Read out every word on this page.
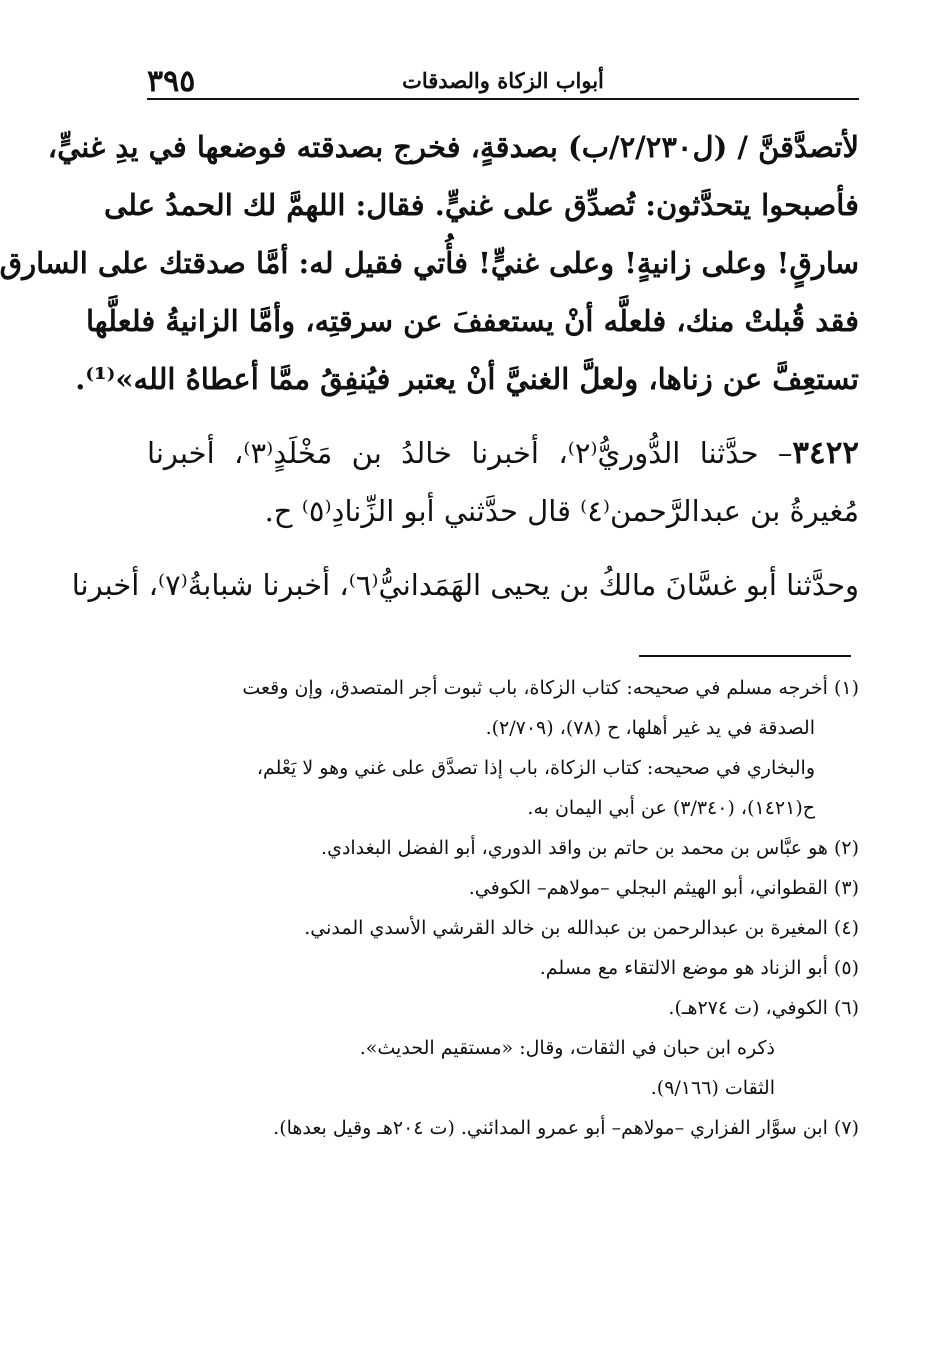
٣٩٥	أبواب الزكاة والصدقات
لأتصدَّقنَّ / (ل٢/٢٣٠/ب) بصدقةٍ، فخرج بصدقته فوضعها في يدِ غنيٍّ،
فأصبحوا يتحدَّثون: تُصدِّق على غنيٍّ. فقال: اللهمَّ لك الحمدُ على
سارقٍ! وعلى زانيةٍ! وعلى غنيٍّ! فأُتي فقيل له: أمَّا صدقتك على السارق
فقد قُبلتْ منك، فلعلَّه أنْ يستعففَ عن سرقتِه، وأمَّا الزانيةُ فلعلَّها
تستعِفَّ عن زناها، ولعلَّ الغنيَّ أنْ يعتبر فيُنفِقُ ممَّا أعطاهُ الله»⁽¹⁾.
٣٤٢٢– حدَّثنا الدُّوريُّ⁽٢⁾، أخبرنا خالدُ بن مَخْلَدٍ⁽٣⁾، أخبرنا
مُغيرةُ بن عبدالرَّحمن⁽٤⁾ قال حدَّثني أبو الزِّنادِ⁽٥⁾ ح.
وحدَّثنا أبو غسَّانَ مالكُ بن يحيى الهَمَدانيُّ⁽٦⁾، أخبرنا شبابةُ⁽٧⁾، أخبرنا
(١) أخرجه مسلم في صحيحه: كتاب الزكاة، باب ثبوت أجر المتصدق، وإن وقعت
الصدقة في يد غير أهلها، ح (٧٨)، (٢/٧٠٩).
والبخاري في صحيحه: كتاب الزكاة، باب إذا تصدَّق على غني وهو لا يَعْلم،
ح(١٤٢١)، (٣/٣٤٠) عن أبي اليمان به.
(٢) هو عبَّاس بن محمد بن حاتم بن واقد الدوري، أبو الفضل البغدادي.
(٣) القطواني، أبو الهيثم البجلي –مولاهم– الكوفي.
(٤) المغيرة بن عبدالرحمن بن عبدالله بن خالد القرشي الأسدي المدني.
(٥) أبو الزناد هو موضع الالتقاء مع مسلم.
(٦) الكوفي، (ت ٢٧٤هـ).
ذكره ابن حبان في الثقات، وقال: «مستقيم الحديث».
الثقات (٩/١٦٦).
(٧) ابن سوَّار الفزاري –مولاهم– أبو عمرو المدائني. (ت ٢٠٤هـ وقيل بعدها).
